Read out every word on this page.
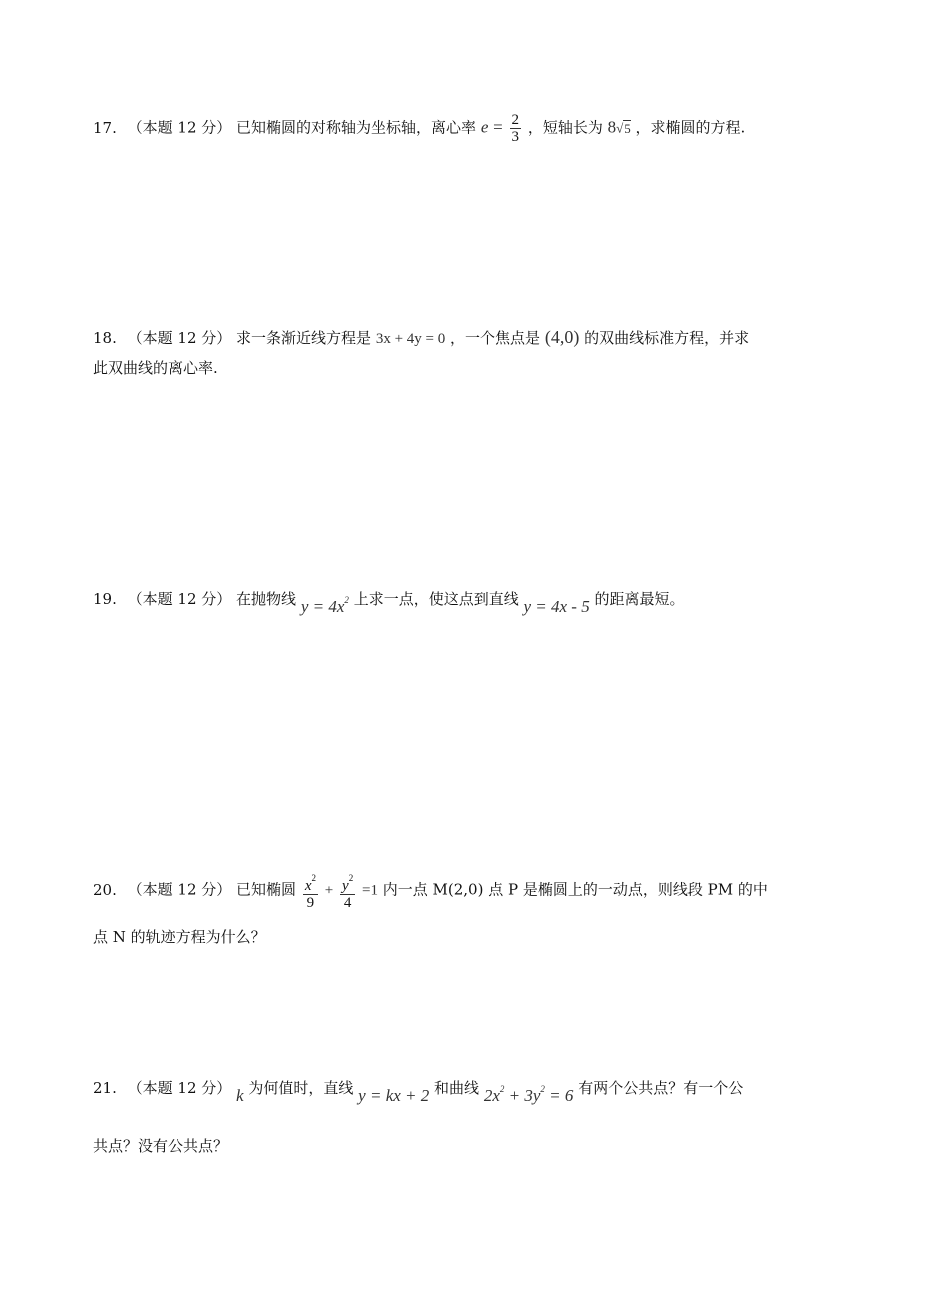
17. （本题 12 分） 已知椭圆的对称轴为坐标轴，离心率 $e = \frac{2}{3}$ ，短轴长为 8√5 ，求椭圆的方程.
18. （本题 12 分） 求一条渐近线方程是 3x + 4y = 0 ，一个焦点是 (4,0) 的双曲线标准方程，并求
此双曲线的离心率.
19. （本题 12 分） 在抛物线 $y = 4x^2$ 上求一点，使这点到直线 y = 4x - 5 的距离最短。
20. （本题 12 分） 已知椭圆 $\frac{x^2}{9} + \frac{y^2}{4} =1$ 内一点 M(2,0) 点 P 是椭圆上的一动点，则线段 PM 的中
点 N 的轨迹方程为什么？
21. （本题 12 分） k 为何值时，直线 y = kx + 2 和曲线 $2x^2 + 3y^2 = 6$ 有两个公共点？有一个公
共点？没有公共点？
